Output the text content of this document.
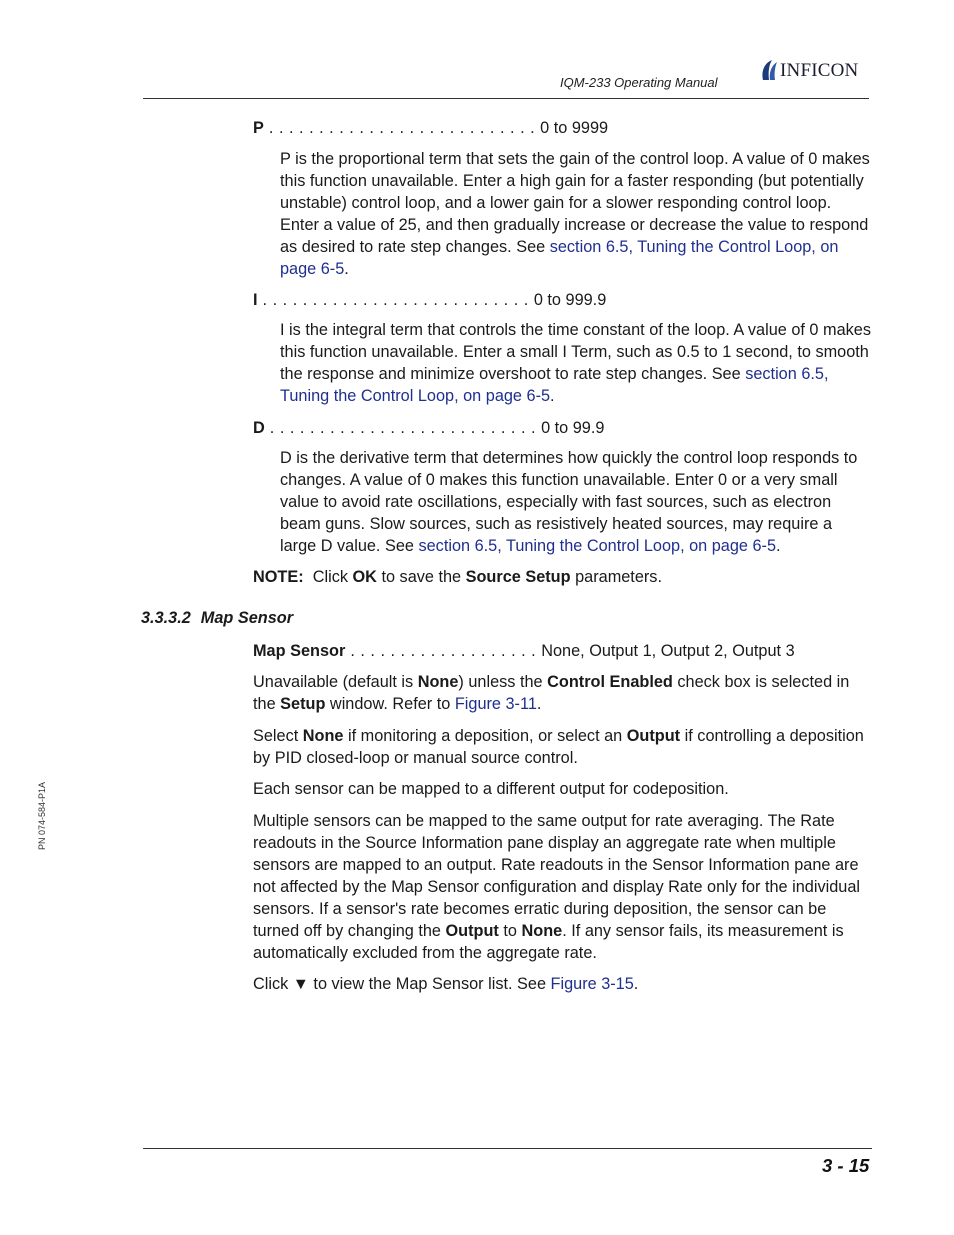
IQM-233 Operating Manual
INFICON
P . . . . . . . . . . . . . . . . . . . . . . . . . . . 0 to 9999
P is the proportional term that sets the gain of the control loop. A value of 0 makes this function unavailable. Enter a high gain for a faster responding (but potentially unstable) control loop, and a lower gain for a slower responding control loop. Enter a value of 25, and then gradually increase or decrease the value to respond as desired to rate step changes. See section 6.5, Tuning the Control Loop, on page 6-5.
I . . . . . . . . . . . . . . . . . . . . . . . . . . . 0 to 999.9
I is the integral term that controls the time constant of the loop. A value of 0 makes this function unavailable. Enter a small I Term, such as 0.5 to 1 second, to smooth the response and minimize overshoot to rate step changes. See section 6.5, Tuning the Control Loop, on page 6-5.
D . . . . . . . . . . . . . . . . . . . . . . . . . . . 0 to 99.9
D is the derivative term that determines how quickly the control loop responds to changes. A value of 0 makes this function unavailable. Enter 0 or a very small value to avoid rate oscillations, especially with fast sources, such as electron beam guns. Slow sources, such as resistively heated sources, may require a large D value. See section 6.5, Tuning the Control Loop, on page 6-5.
NOTE:  Click OK to save the Source Setup parameters.
3.3.3.2 Map Sensor
Map Sensor . . . . . . . . . . . . . . . . . . . None, Output 1, Output 2, Output 3
Unavailable (default is None) unless the Control Enabled check box is selected in the Setup window. Refer to Figure 3-11.
Select None if monitoring a deposition, or select an Output if controlling a deposition by PID closed-loop or manual source control.
Each sensor can be mapped to a different output for codeposition.
Multiple sensors can be mapped to the same output for rate averaging. The Rate readouts in the Source Information pane display an aggregate rate when multiple sensors are mapped to an output. Rate readouts in the Sensor Information pane are not affected by the Map Sensor configuration and display Rate only for the individual sensors. If a sensor's rate becomes erratic during deposition, the sensor can be turned off by changing the Output to None. If any sensor fails, its measurement is automatically excluded from the aggregate rate.
Click ▼ to view the Map Sensor list. See Figure 3-15.
PN 074-584-P1A
3 - 15
